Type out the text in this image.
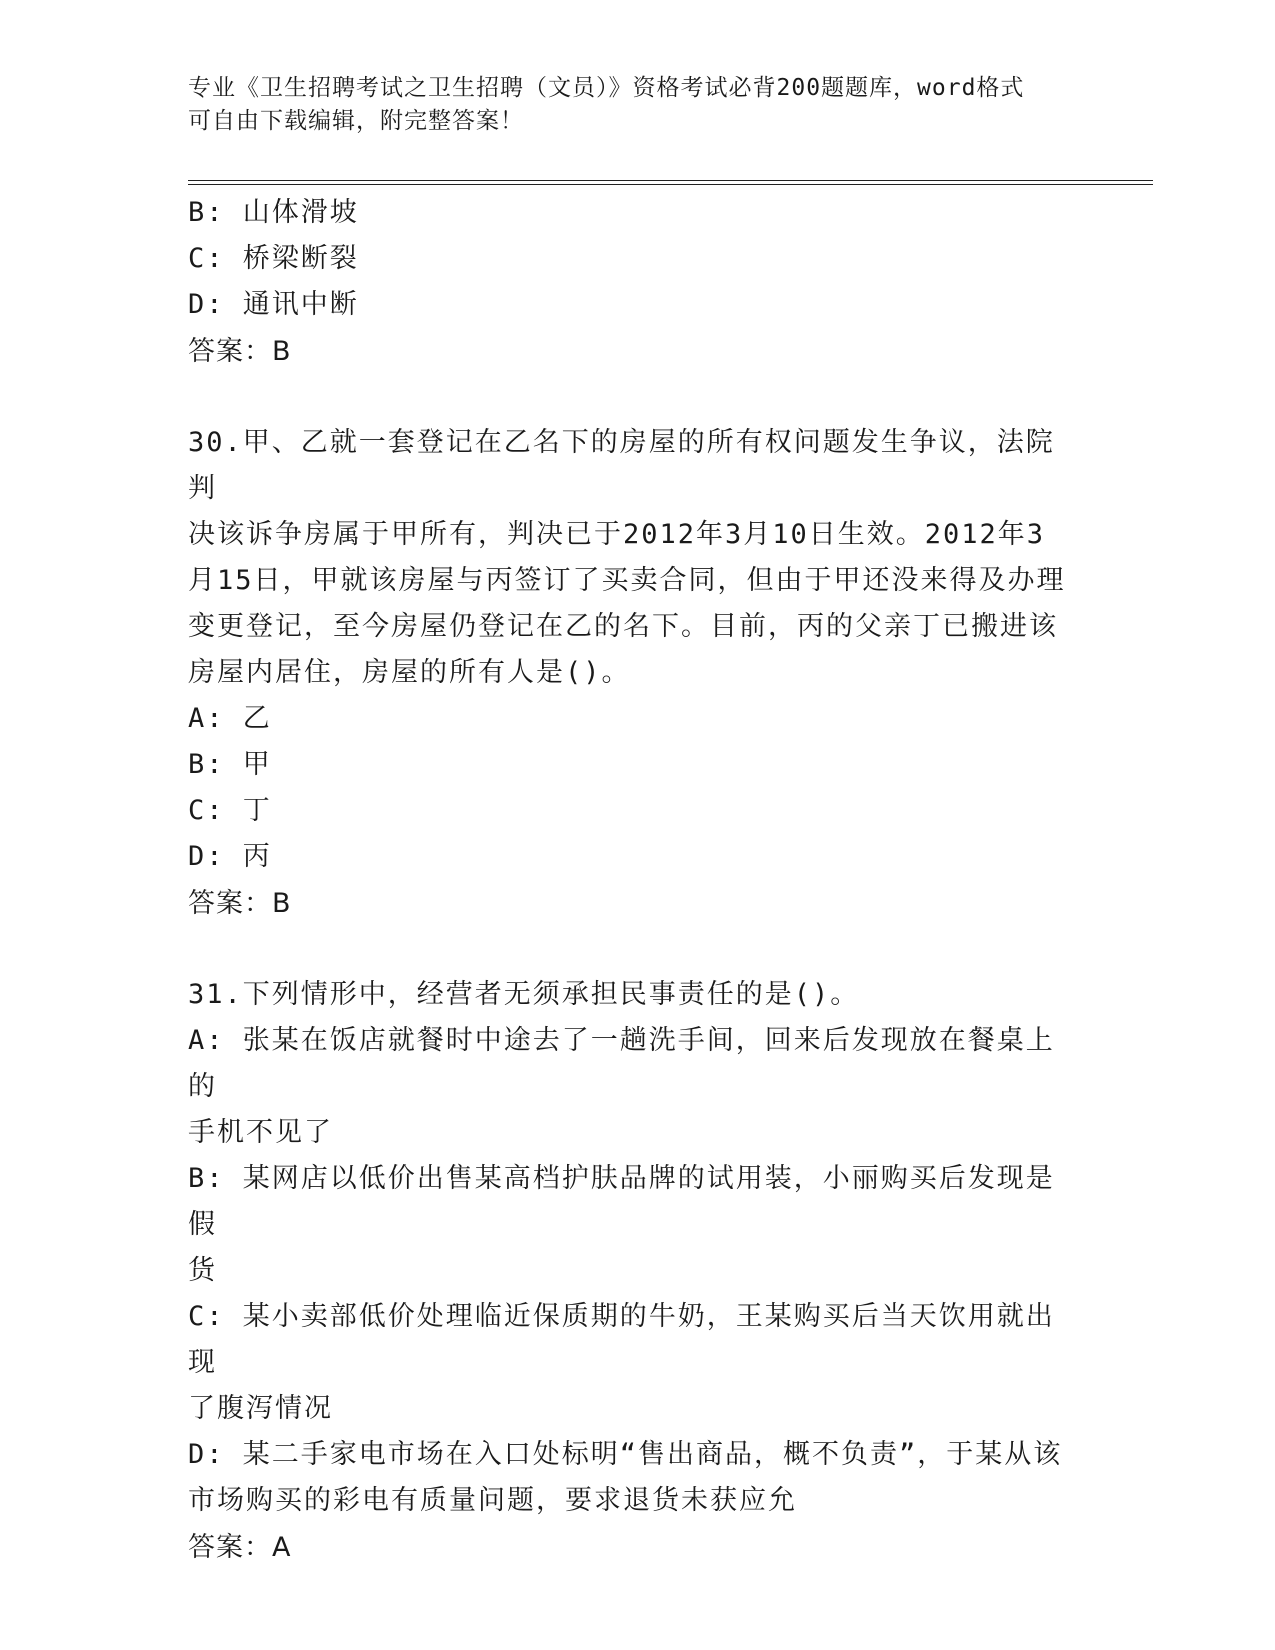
专业《卫生招聘考试之卫生招聘（文员）》资格考试必背200题题库，word格式
可自由下载编辑，附完整答案！
B: 山体滑坡
C: 桥梁断裂
D: 通讯中断
答案：B
30.甲、乙就一套登记在乙名下的房屋的所有权问题发生争议，法院判
决该诉争房属于甲所有，判决已于2012年3月10日生效。2012年3
月15日，甲就该房屋与丙签订了买卖合同，但由于甲还没来得及办理
变更登记，至今房屋仍登记在乙的名下。目前，丙的父亲丁已搬进该
房屋内居住，房屋的所有人是()。
A: 乙
B: 甲
C: 丁
D: 丙
答案：B
31.下列情形中，经营者无须承担民事责任的是()。
A: 张某在饭店就餐时中途去了一趟洗手间，回来后发现放在餐桌上的
手机不见了
B: 某网店以低价出售某高档护肤品牌的试用装，小丽购买后发现是假
货
C: 某小卖部低价处理临近保质期的牛奶，王某购买后当天饮用就出现
了腹泻情况
D: 某二手家电市场在入口处标明“售出商品，概不负责”，于某从该
市场购买的彩电有质量问题，要求退货未获应允
答案：A
